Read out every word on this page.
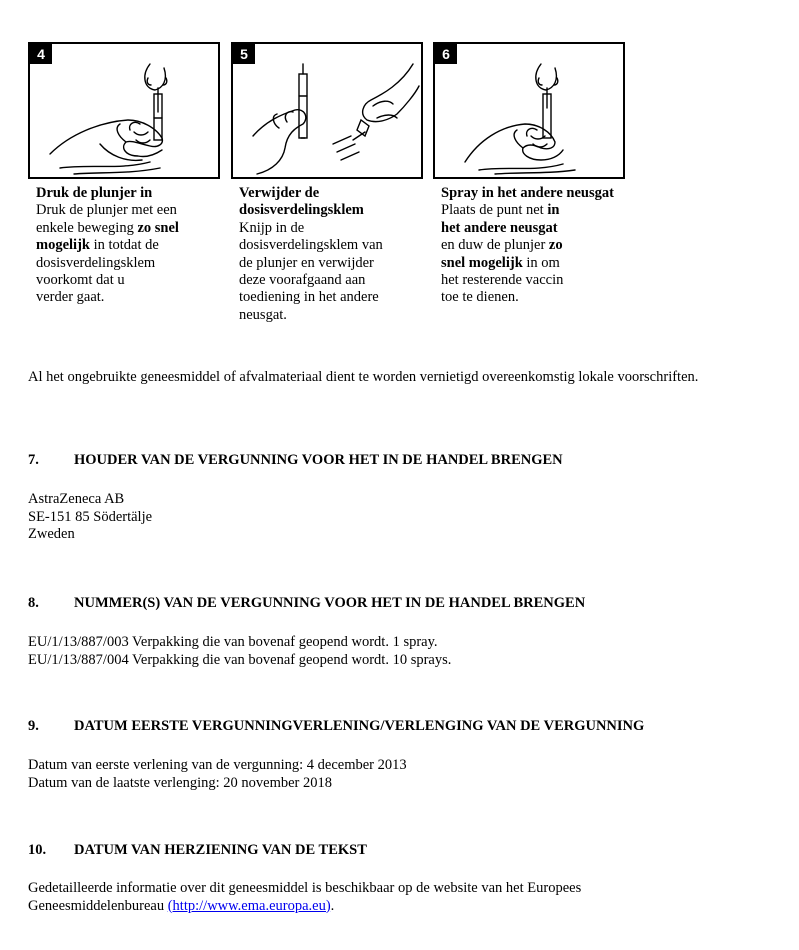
4
Druk de plunjer in
Druk de plunjer met een
enkele beweging zo snel
mogelijk in totdat de
dosisverdelingsklem
voorkomt dat u
verder gaat.
5
Verwijder de dosisverdelingsklem
Knijp in de
dosisverdelingsklem van
de plunjer en verwijder
deze voorafgaand aan
toediening in het andere
neusgat.
6
Spray in het andere neusgat
Plaats de punt net in
het andere neusgat
en duw de plunjer zo
snel mogelijk in om
het resterende vaccin
toe te dienen.

Al het ongebruikte geneesmiddel of afvalmateriaal dient te worden vernietigd overeenkomstig lokale voorschriften.

7. HOUDER VAN DE VERGUNNING VOOR HET IN DE HANDEL BRENGEN
AstraZeneca AB
SE-151 85 Södertälje
Zweden
8. NUMMER(S) VAN DE VERGUNNING VOOR HET IN DE HANDEL BRENGEN
EU/1/13/887/003 Verpakking die van bovenaf geopend wordt. 1 spray.
EU/1/13/887/004 Verpakking die van bovenaf geopend wordt. 10 sprays.
9. DATUM EERSTE VERGUNNINGVERLENING/VERLENGING VAN DE VERGUNNING
Datum van eerste verlening van de vergunning: 4 december 2013
Datum van de laatste verlenging: 20 november 2018
10. DATUM VAN HERZIENING VAN DE TEKST
Gedetailleerde informatie over dit geneesmiddel is beschikbaar op de website van het Europees
Geneesmiddelenbureau (http://www.ema.europa.eu).
